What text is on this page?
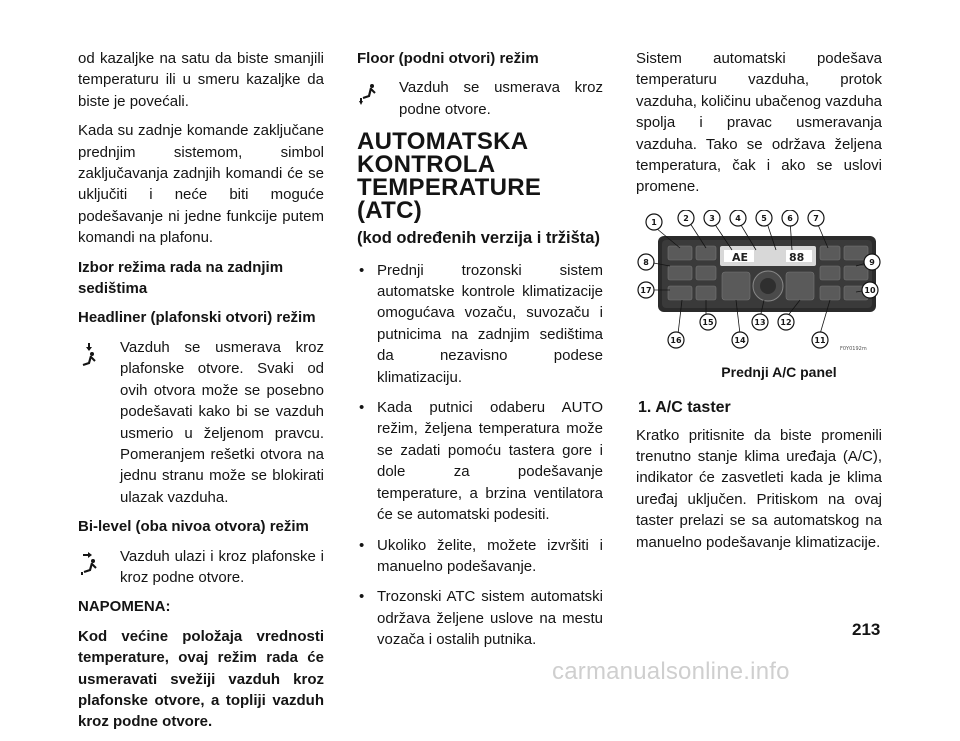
od kazaljke na satu da biste smanjili temperaturu ili u smeru kazaljke da biste je povećali.

Kada su zadnje komande zaključane prednjim sistemom, simbol zaključavanja zadnjih komandi će se uključiti i neće biti moguće podešavanje ni jedne funkcije putem komandi na plafonu.

Izbor režima rada na zadnjim sedištima
Headliner (plafonski otvori) režim

Vazduh se usmerava kroz plafonske otvore. Svaki od ovih otvora može se posebno podešavati kako bi se vazduh usmerio u željenom pravcu. Pomeranjem rešetki otvora na jednu stranu može se blokirati ulazak vazduha.

Bi-level (oba nivoa otvora) režim

Vazduh ulazi i kroz plafonske i kroz podne otvore.

NAPOMENA:

Kod većine položaja vrednosti temperature, ovaj režim rada će usmeravati svežiji vazduh kroz plafonske otvore, a topliji vazduh kroz podne otvore.

Floor (podni otvori) režim

Vazduh se usmerava kroz podne otvore.

AUTOMATSKA KONTROLA TEMPERATURE (ATC)
(kod određenih verzija i tržišta)
• Prednji trozonski sistem automatske kontrole klimatizacije omogućava vozaču, suvozaču i putnicima na zadnjim sedištima da nezavisno podese klimatizaciju.
• Kada putnici odaberu AUTO režim, željena temperatura može se zadati pomoću tastera gore i dole za podešavanje temperature, a brzina ventilatora će se automatski podesiti.
• Ukoliko želite, možete izvršiti i manuelno podešavanje.
• Trozonski ATC sistem automatski održava željene uslove na mestu vozača i ostalih putnika.

Sistem automatski podešava temperaturu vazduha, protok vazduha, količinu ubačenog vazduha spolja i pravac usmeravanja vazduha. Tako se održava željena temperatura, čak i ako se uslovi promene.

AE	88
1	2	3	4	5	6	7
8	9
10
11
12
13
14
15
16
17
F0Y0192m
Prednji A/C panel
1. A/C taster

Kratko pritisnite da biste promenili trenutno stanje klima uređaja (A/C), indikator će zasvetleti kada je klima uređaj uključen. Pritiskom na ovaj taster prelazi se sa automatskog na manuelno podešavanje klimatizacije.

213
carmanualsonline.info
